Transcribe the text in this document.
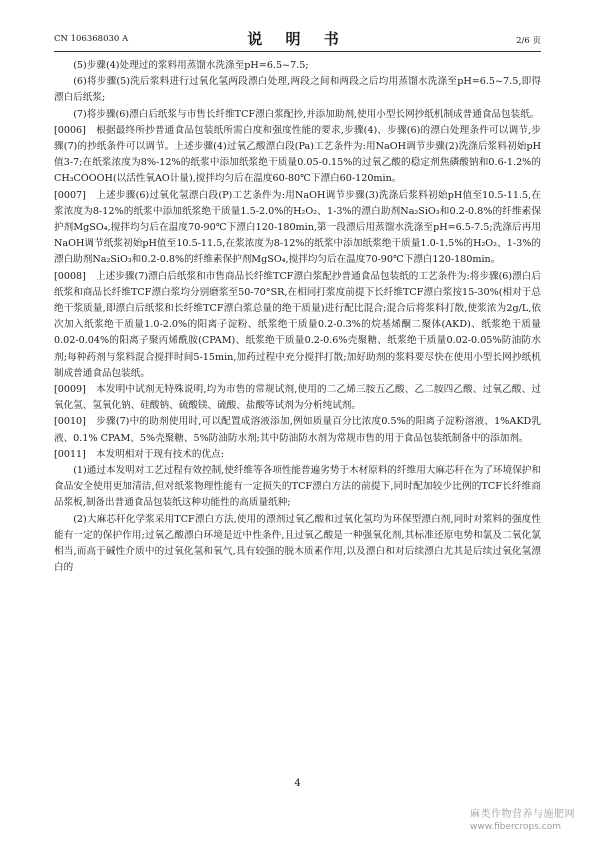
CN 106368030 A	说 明 书	2/6 页

(5)步骤(4)处理过的浆料用蒸馏水洗涤至pH=6.5~7.5;

(6)将步骤(5)洗后浆料进行过氧化氢两段漂白处理,两段之间和两段之后均用蒸馏水洗涤至pH=6.5~7.5,即得漂白后纸浆;

(7)将步骤(6)漂白后纸浆与市售长纤维TCF漂白浆配抄,并添加助剂,使用小型长网抄纸机制成普通食品包装纸。

[0006] 根据最终所抄普通食品包装纸所需白度和强度性能的要求,步骤(4)、步骤(6)的漂白处理条件可以调节,步骤(7)的抄纸条件可以调节。上述步骤(4)过氧乙酸漂白段(Pa)工艺条件为:用NaOH调节步骤(2)洗涤后浆料初始pH值3-7;在纸浆浓度为8%-12%的纸浆中添加纸浆绝干质量0.05-0.15%的过氧乙酸的稳定剂焦磷酸钠和0.6-1.2%的CH₃COOOH(以活性氧AO计量),搅拌均匀后在温度60-80℃下漂白60-120min。

[0007] 上述步骤(6)过氧化氢漂白段(P)工艺条件为:用NaOH调节步骤(3)洗涤后浆料初始pH值至10.5-11.5,在浆浓度为8-12%的纸浆中添加纸浆绝干质量1.5-2.0%的H₂O₂、1-3%的漂白助剂Na₂SiO₃和0.2-0.8%的纤维素保护剂MgSO₄,搅拌均匀后在温度70-90℃下漂白120-180min,第一段漂后用蒸馏水洗涤至pH=6.5-7.5;洗涤后再用NaOH调节纸浆初始pH值至10.5-11.5,在浆浓度为8-12%的纸浆中添加纸浆绝干质量1.0-1.5%的H₂O₂、1-3%的漂白助剂Na₂SiO₃和0.2-0.8%的纤维素保护剂MgSO₄,搅拌均匀后在温度70-90℃下漂白120-180min。

[0008] 上述步骤(7)漂白后纸浆和市售商品长纤维TCF漂白浆配抄普通食品包装纸的工艺条件为:将步骤(6)漂白后纸浆和商品长纤维TCF漂白浆均分别磨浆至50-70°SR,在相同打浆度前提下长纤维TCF漂白浆按15-30%(相对于总绝干浆质量,即漂白后纸浆和长纤维TCF漂白浆总量的绝干质量)进行配比混合;混合后将浆料打散,使浆浓为2g/L,依次加入纸浆绝干质量1.0-2.0%的阳离子淀粉、纸浆绝干质量0.2-0.3%的烷基烯酮二聚体(AKD)、纸浆绝干质量0.02-0.04%的阳离子聚丙烯酰胺(CPAM)、纸浆绝干质量0.2-0.6%壳聚糖、纸浆绝干质量0.02-0.05%防油防水剂;每种药剂与浆料混合搅拌时间5-15min,加药过程中充分搅拌打散;加好助剂的浆料要尽快在使用小型长网抄纸机制成普通食品包装纸。

[0009] 本发明中试剂无特殊说明,均为市售的常规试剂,使用的二乙烯三胺五乙酸、乙二胺四乙酸、过氧乙酸、过氧化氢、氢氧化钠、硅酸钠、硫酸镁、硫酸、盐酸等试剂为分析纯试剂。

[0010] 步骤(7)中的助剂使用时,可以配置成溶液添加,例如质量百分比浓度0.5%的阳离子淀粉溶液、1%AKD乳液、0.1% CPAM、5%壳聚糖、5%防油防水剂;其中防油防水剂为常规市售的用于食品包装纸制备中的添加剂。

[0011] 本发明相对于现有技术的优点:

(1)通过本发明对工艺过程有效控制,使纤维等各项性能普遍劣势于木材原料的纤维用大麻芯秆在为了环境保护和食品安全使用更加清洁,但对纸浆物理性能有一定损失的TCF漂白方法的前提下,同时配加较少比例的TCF长纤维商品浆板,制备出普通食品包装纸这种功能性的高质量纸种;

(2)大麻芯秆化学浆采用TCF漂白方法,使用的漂剂过氧乙酸和过氧化氢均为环保型漂白剂,同时对浆料的强度性能有一定的保护作用;过氧乙酸漂白环境是近中性条件,且过氧乙酸是一种强氧化剂,其标准还原电势和氯及二氧化氯相当,而高于碱性介质中的过氧化氢和氧气,具有较强的脱木质素作用,以及漂白和对后续漂白尤其是后续过氧化氢漂白的

4
麻类作物营养与施肥网
www.fibercrops.com
